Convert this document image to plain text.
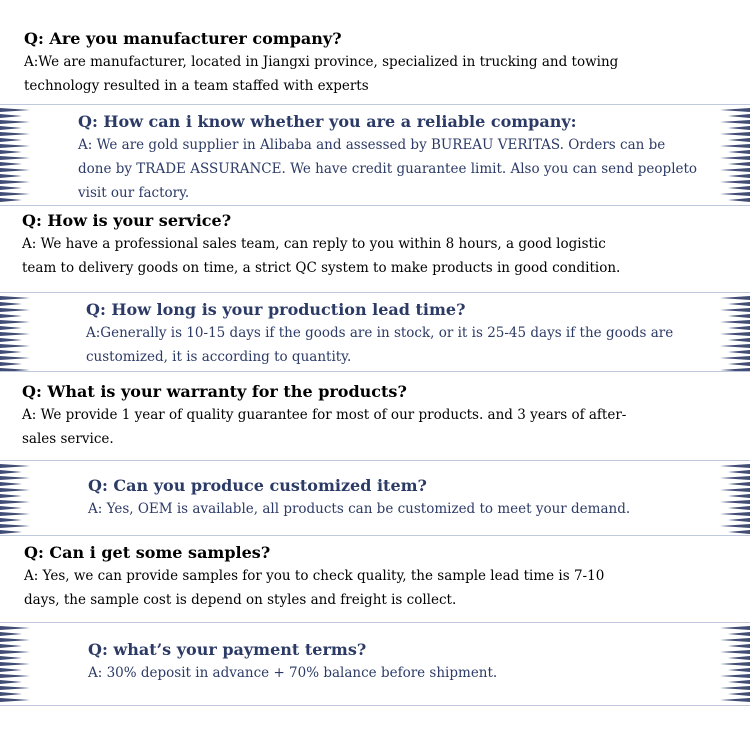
Q: Are you manufacturer company?
A:We are manufacturer, located in Jiangxi province, specialized in trucking and towing technology resulted in a team staffed with experts
Q: How can i know whether you are a reliable company:
A: We are gold supplier in Alibaba and assessed by BUREAU VERITAS. Orders can be done by TRADE ASSURANCE. We have credit guarantee limit. Also you can send peopleto visit our factory.
Q: How is your service?
A: We have a professional sales team, can reply to you within 8 hours, a good logistic team to delivery goods on time, a strict QC system to make products in good condition.
Q: How long is your production lead time?
A:Generally is 10-15 days if the goods are in stock, or it is 25-45 days if the goods are customized, it is according to quantity.
Q: What is your warranty for the products?
A: We provide 1 year of quality guarantee for most of our products. and 3 years of after-sales service.
Q: Can you produce customized item?
A: Yes, OEM is available, all products can be customized to meet your demand.
Q: Can i get some samples?
A: Yes, we can provide samples for you to check quality, the sample lead time is 7-10 days, the sample cost is depend on styles and freight is collect.
Q: what’s your payment terms?
A: 30% deposit in advance + 70% balance before shipment.
